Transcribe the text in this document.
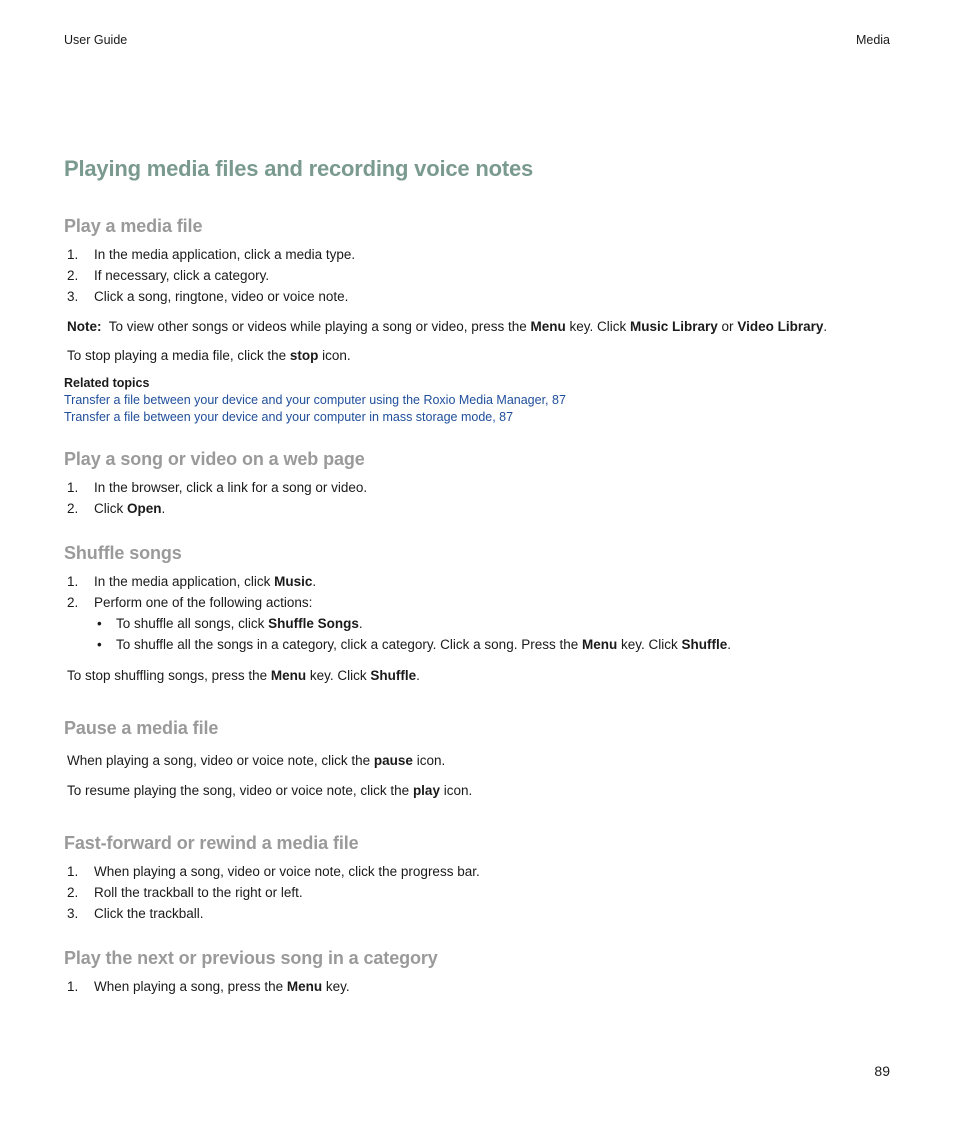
User Guide	Media
Playing media files and recording voice notes
Play a media file
1. In the media application, click a media type.
2. If necessary, click a category.
3. Click a song, ringtone, video or voice note.
Note: To view other songs or videos while playing a song or video, press the Menu key. Click Music Library or Video Library.
To stop playing a media file, click the stop icon.
Related topics
Transfer a file between your device and your computer using the Roxio Media Manager, 87
Transfer a file between your device and your computer in mass storage mode, 87
Play a song or video on a web page
1. In the browser, click a link for a song or video.
2. Click Open.
Shuffle songs
1. In the media application, click Music.
2. Perform one of the following actions:
• To shuffle all songs, click Shuffle Songs.
• To shuffle all the songs in a category, click a category. Click a song. Press the Menu key. Click Shuffle.
To stop shuffling songs, press the Menu key. Click Shuffle.
Pause a media file
When playing a song, video or voice note, click the pause icon.
To resume playing the song, video or voice note, click the play icon.
Fast-forward or rewind a media file
1. When playing a song, video or voice note, click the progress bar.
2. Roll the trackball to the right or left.
3. Click the trackball.
Play the next or previous song in a category
1. When playing a song, press the Menu key.
89
